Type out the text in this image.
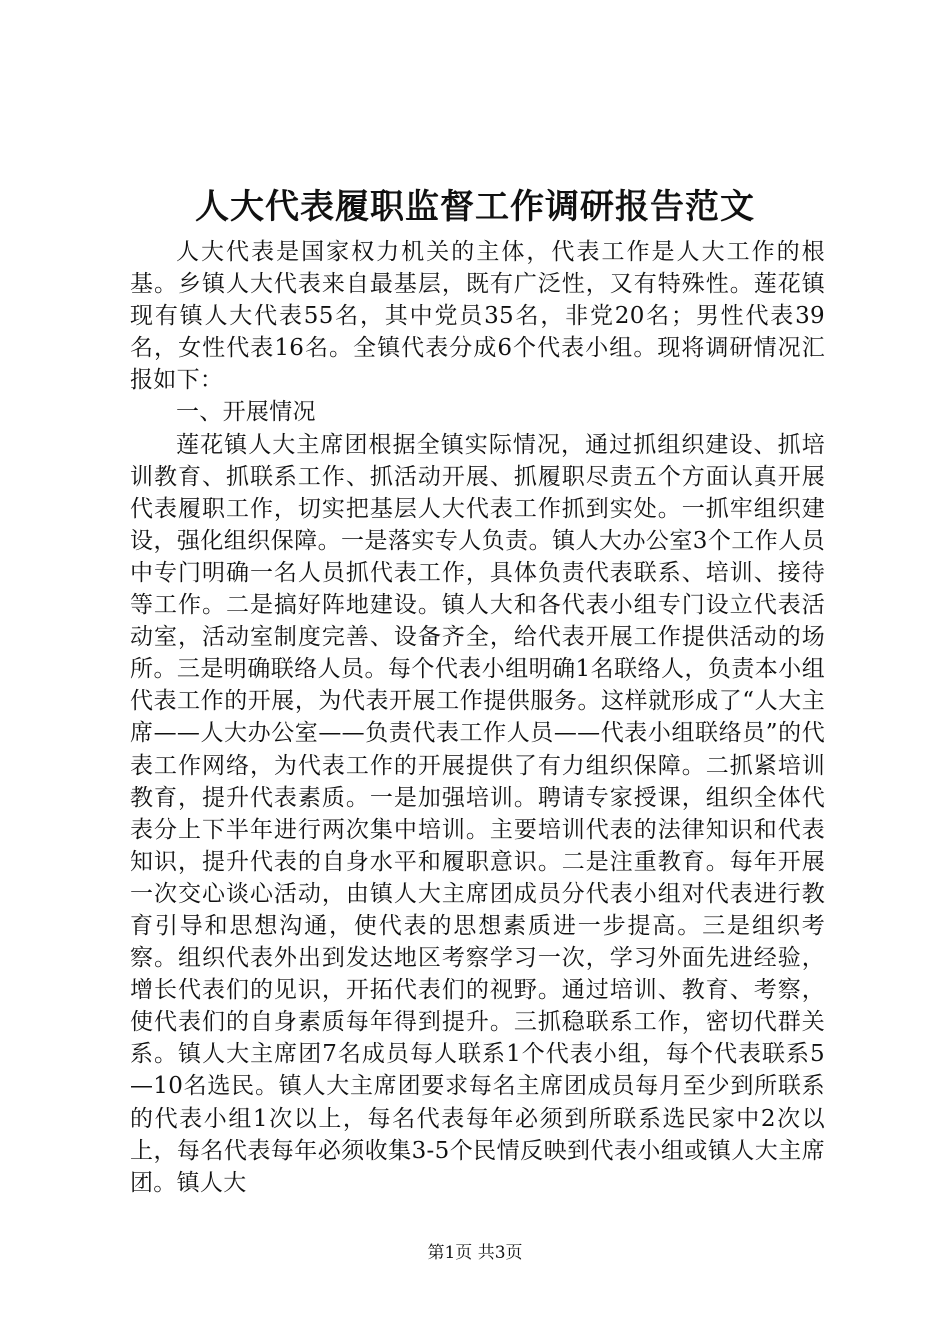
人大代表履职监督工作调研报告范文

人大代表是国家权力机关的主体，代表工作是人大工作的根基。乡镇人大代表来自最基层，既有广泛性，又有特殊性。莲花镇现有镇人大代表55名，其中党员35名，非党20名；男性代表39名，女性代表16名。全镇代表分成6个代表小组。现将调研情况汇报如下：

一、开展情况

莲花镇人大主席团根据全镇实际情况，通过抓组织建设、抓培训教育、抓联系工作、抓活动开展、抓履职尽责五个方面认真开展代表履职工作，切实把基层人大代表工作抓到实处。一抓牢组织建设，强化组织保障。一是落实专人负责。镇人大办公室3个工作人员中专门明确一名人员抓代表工作，具体负责代表联系、培训、接待等工作。二是搞好阵地建设。镇人大和各代表小组专门设立代表活动室，活动室制度完善、设备齐全，给代表开展工作提供活动的场所。三是明确联络人员。每个代表小组明确1名联络人，负责本小组代表工作的开展，为代表开展工作提供服务。这样就形成了“人大主席——人大办公室——负责代表工作人员——代表小组联络员”的代表工作网络，为代表工作的开展提供了有力组织保障。二抓紧培训教育，提升代表素质。一是加强培训。聘请专家授课，组织全体代表分上下半年进行两次集中培训。主要培训代表的法律知识和代表知识，提升代表的自身水平和履职意识。二是注重教育。每年开展一次交心谈心活动，由镇人大主席团成员分代表小组对代表进行教育引导和思想沟通，使代表的思想素质进一步提高。三是组织考察。组织代表外出到发达地区考察学习一次，学习外面先进经验，增长代表们的见识，开拓代表们的视野。通过培训、教育、考察，使代表们的自身素质每年得到提升。三抓稳联系工作，密切代群关系。镇人大主席团7名成员每人联系1个代表小组，每个代表联系5—10名选民。镇人大主席团要求每名主席团成员每月至少到所联系的代表小组1次以上，每名代表每年必须到所联系选民家中2次以上，每名代表每年必须收集3-5个民情反映到代表小组或镇人大主席团。镇人大

第1页 共3页
